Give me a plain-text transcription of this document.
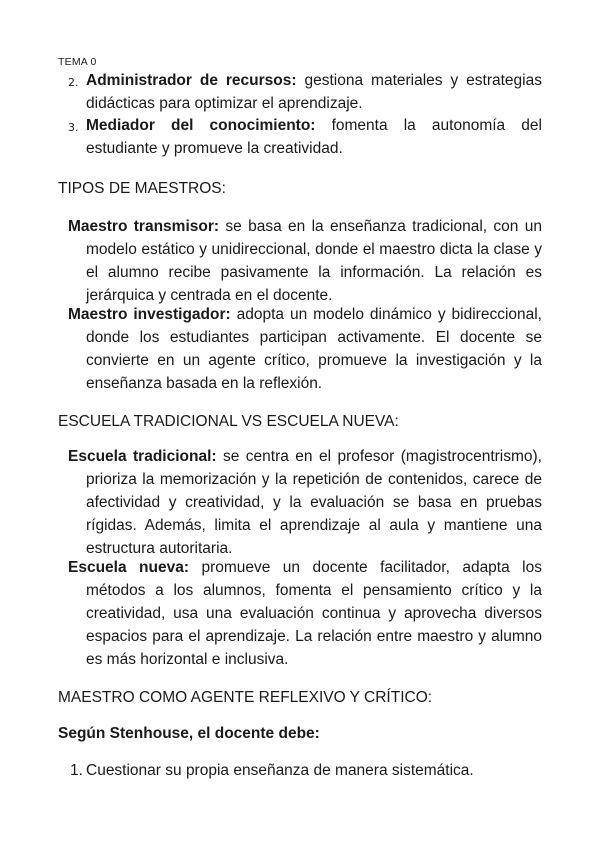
TEMA 0
2. Administrador de recursos: gestiona materiales y estrategias didácticas para optimizar el aprendizaje.
3. Mediador del conocimiento: fomenta la autonomía del estudiante y promueve la creatividad.
TIPOS DE MAESTROS:
Maestro transmisor: se basa en la enseñanza tradicional, con un modelo estático y unidireccional, donde el maestro dicta la clase y el alumno recibe pasivamente la información. La relación es jerárquica y centrada en el docente.
Maestro investigador: adopta un modelo dinámico y bidireccional, donde los estudiantes participan activamente. El docente se convierte en un agente crítico, promueve la investigación y la enseñanza basada en la reflexión.
ESCUELA TRADICIONAL VS ESCUELA NUEVA:
Escuela tradicional: se centra en el profesor (magistrocentrismo), prioriza la memorización y la repetición de contenidos, carece de afectividad y creatividad, y la evaluación se basa en pruebas rígidas. Además, limita el aprendizaje al aula y mantiene una estructura autoritaria.
Escuela nueva: promueve un docente facilitador, adapta los métodos a los alumnos, fomenta el pensamiento crítico y la creatividad, usa una evaluación continua y aprovecha diversos espacios para el aprendizaje. La relación entre maestro y alumno es más horizontal e inclusiva.
MAESTRO COMO AGENTE REFLEXIVO Y CRÍTICO:
Según Stenhouse, el docente debe:
1. Cuestionar su propia enseñanza de manera sistemática.
